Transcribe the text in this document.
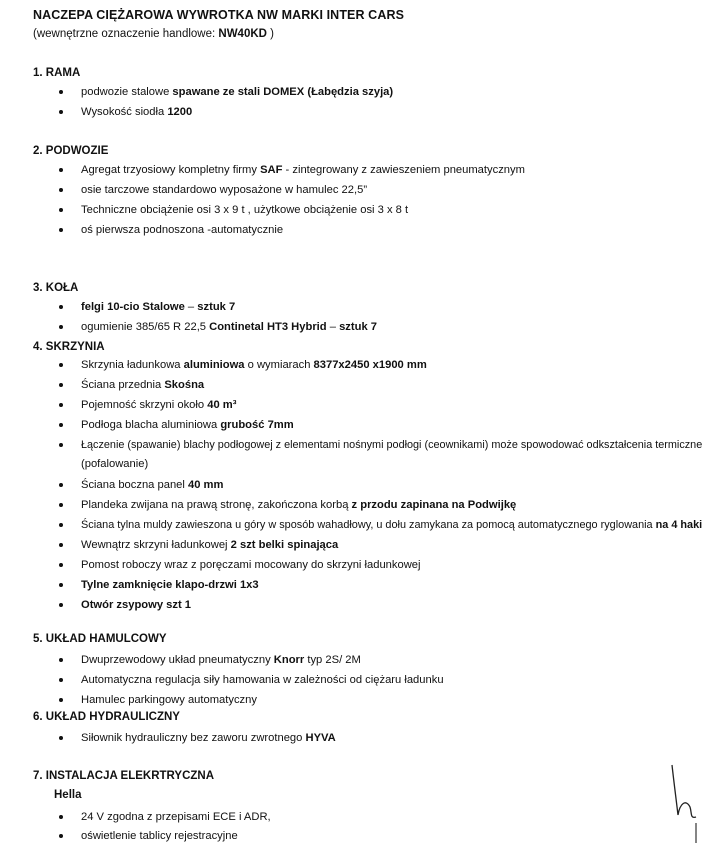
NACZEPA CIĘŻAROWA WYWROTKA NW MARKI INTER CARS
(wewnętrzne oznaczenie handlowe: NW40KD )
1. RAMA
podwozie stalowe spawane ze stali DOMEX (Łabędzia szyja)
Wysokość siodła 1200
2. PODWOZIE
Agregat trzyosiowy kompletny firmy SAF - zintegrowany z zawieszeniem pneumatycznym
osie tarczowe standardowo wyposażone w hamulec 22,5”
Techniczne obciążenie osi 3 x 9 t , użytkowe obciążenie osi 3 x 8 t
oś pierwsza podnoszona -automatycznie
3. KOŁA
felgi 10-cio Stalowe – sztuk 7
ogumienie 385/65 R 22,5 Continetal HT3 Hybrid – sztuk 7
4. SKRZYNIA
Skrzynia ładunkowa aluminiowa o wymiarach 8377x2450 x1900 mm
Ściana przednia Skośna
Pojemność skrzyni około 40 m³
Podłoga blacha aluminiowa grubość 7mm
Łączenie (spawanie) blachy podłogowej z elementami nośnymi podłogi (ceownikami) może spowodować odkształcenia termiczne
(pofalowanie)
Ściana boczna panel 40 mm
Plandeka zwijana na prawą stronę, zakończona korbą z przodu zapinana na Podwijkę
Ściana tylna muldy zawieszona u góry w sposób wahadłowy, u dołu zamykana za pomocą automatycznego ryglowania na 4 haki
Wewnątrz skrzyni ładunkowej 2 szt belki spinająca
Pomost roboczy wraz z poręczami mocowany do skrzyni ładunkowej
Tylne zamknięcie klapo-drzwi 1x3
Otwór zsypowy szt 1
5. UKŁAD HAMULCOWY
Dwuprzewodowy układ pneumatyczny Knorr typ 2S/ 2M
Automatyczna regulacja siły hamowania w zależności od ciężaru ładunku
Hamulec parkingowy automatyczny
6. UKŁAD HYDRAULICZNY
Siłownik hydrauliczny bez zaworu zwrotnego HYVA
7. INSTALACJA ELEKRTRYCZNA
Hella
24 V zgodna z przepisami ECE i ADR,
oświetlenie tablicy rejestracyjne
